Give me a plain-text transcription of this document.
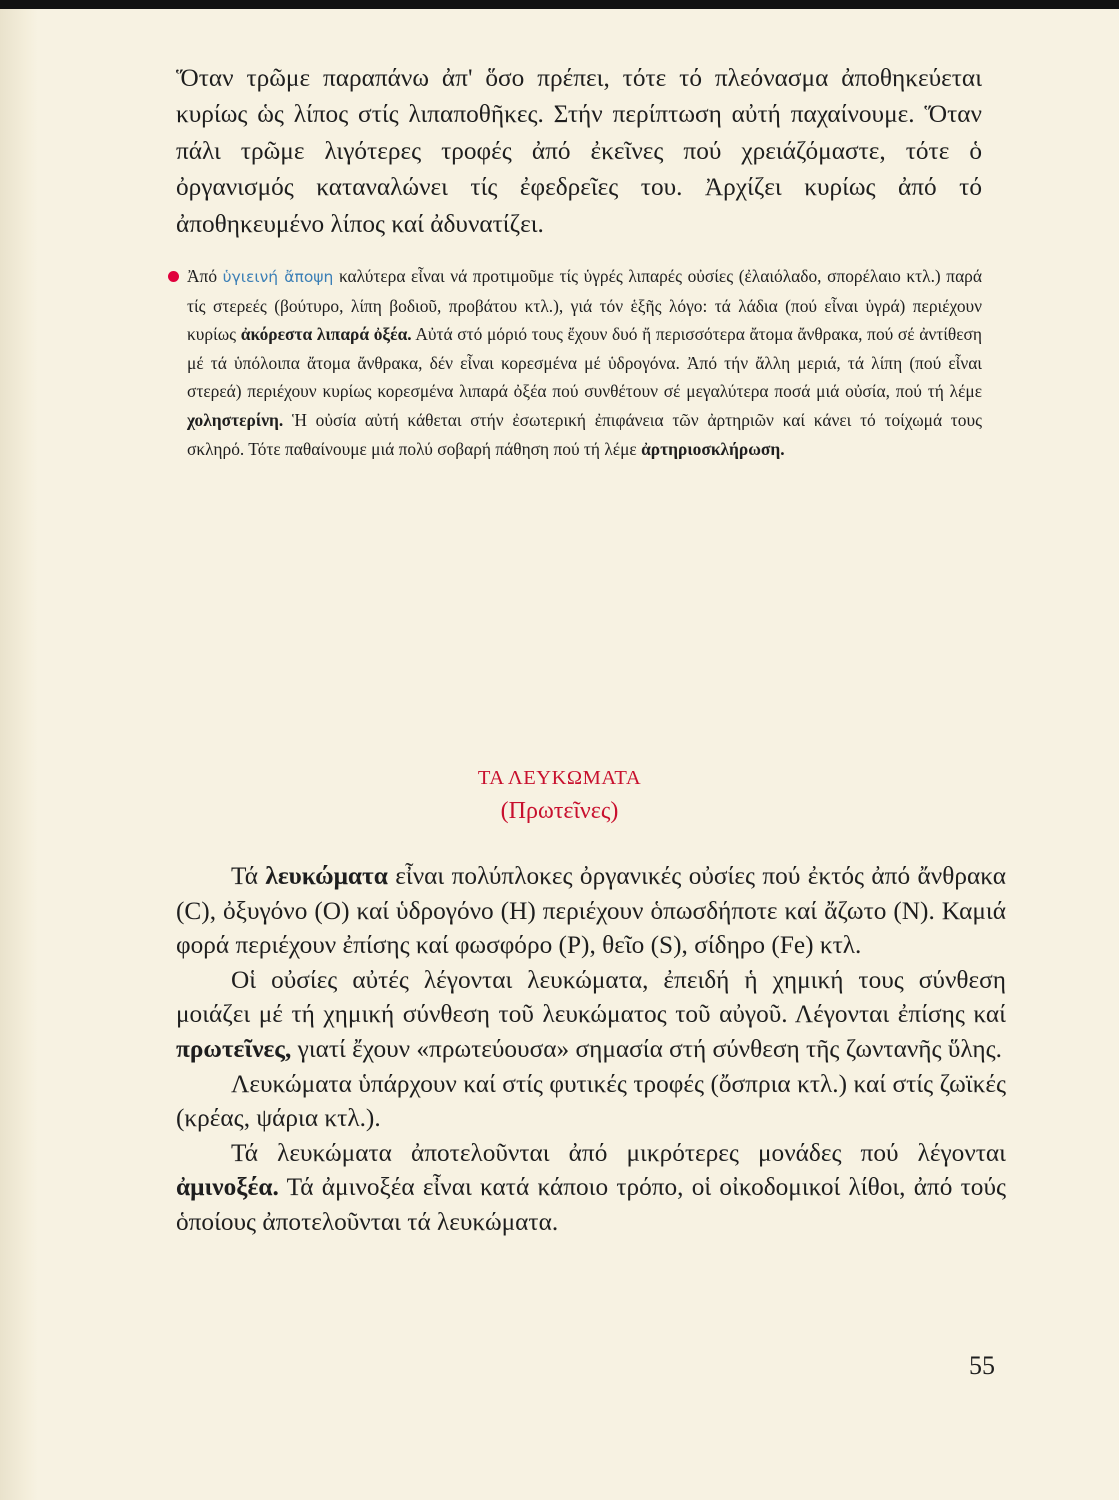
Ὅταν τρῶμε παραπάνω ἀπ' ὅσο πρέπει, τότε τό πλεόνασμα ἀποθηκεύεται κυρίως ὡς λίπος στίς λιπαποθῆκες. Στήν περίπτωση αὐτή παχαίνουμε. Ὅταν πάλι τρῶμε λιγότερες τροφές ἀπό ἐκεῖνες πού χρειάζόμαστε, τότε ὁ ὀργανισμός καταναλώνει τίς ἐφεδρεῖες του. Ἀρχίζει κυρίως ἀπό τό ἀποθηκευμένο λίπος καί ἀδυνατίζει.

Ἀπό ὑγιεινή ἄποψη καλύτερα εἶναι νά προτιμοῦμε τίς ὑγρές λιπαρές οὐσίες (ἐλαιόλαδο, σπορέλαιο κτλ.) παρά τίς στερεές (βούτυρο, λίπη βοδιοῦ, προβάτου κτλ.), γιά τόν ἑξῆς λόγο: τά λάδια (πού εἶναι ὑγρά) περιέχουν κυρίως ἀκόρεστα λιπαρά ὀξέα. Αὐτά στό μόριό τους ἔχουν δυό ἤ περισσότερα ἄτομα ἄνθρακα, πού σέ ἀντίθεση μέ τά ὑπόλοιπα ἄτομα ἄνθρακα, δέν εἶναι κορεσμένα μέ ὑδρογόνα. Ἀπό τήν ἄλλη μεριά, τά λίπη (πού εἶναι στερεά) περιέχουν κυρίως κορεσμένα λιπαρά ὀξέα πού συνθέτουν σέ μεγαλύτερα ποσά μιά οὐσία, πού τή λέμε χοληστερίνη. Ἡ οὐσία αὐτή κάθεται στήν ἐσωτερική ἐπιφάνεια τῶν ἀρτηριῶν καί κάνει τό τοίχωμά τους σκληρό. Τότε παθαίνουμε μιά πολύ σοβαρή πάθηση πού τή λέμε ἀρτηριοσκλήρωση.

ΤΑ ΛΕΥΚΩΜΑΤΑ
(Πρωτεῖνες)

Τά λευκώματα εἶναι πολύπλοκες ὀργανικές οὐσίες πού ἐκτός ἀπό ἄνθρακα (C), ὀξυγόνο (O) καί ὑδρογόνο (H) περιέχουν ὁπωσδήποτε καί ἄζωτο (N). Καμιά φορά περιέχουν ἐπίσης καί φωσφόρο (P), θεῖο (S), σίδηρο (Fe) κτλ.

Οἱ οὐσίες αὐτές λέγονται λευκώματα, ἐπειδή ἡ χημική τους σύνθεση μοιάζει μέ τή χημική σύνθεση τοῦ λευκώματος τοῦ αὐγοῦ. Λέγονται ἐπίσης καί πρωτεῖνες, γιατί ἔχουν «πρωτεύουσα» σημασία στή σύνθεση τῆς ζωντανῆς ὕλης.

Λευκώματα ὑπάρχουν καί στίς φυτικές τροφές (ὄσπρια κτλ.) καί στίς ζωϊκές (κρέας, ψάρια κτλ.).

Τά λευκώματα ἀποτελοῦνται ἀπό μικρότερες μονάδες πού λέγονται ἀμινοξέα. Τά ἀμινοξέα εἶναι κατά κάποιο τρόπο, οἱ οἰκοδομικοί λίθοι, ἀπό τούς ὁποίους ἀποτελοῦνται τά λευκώματα.

55
